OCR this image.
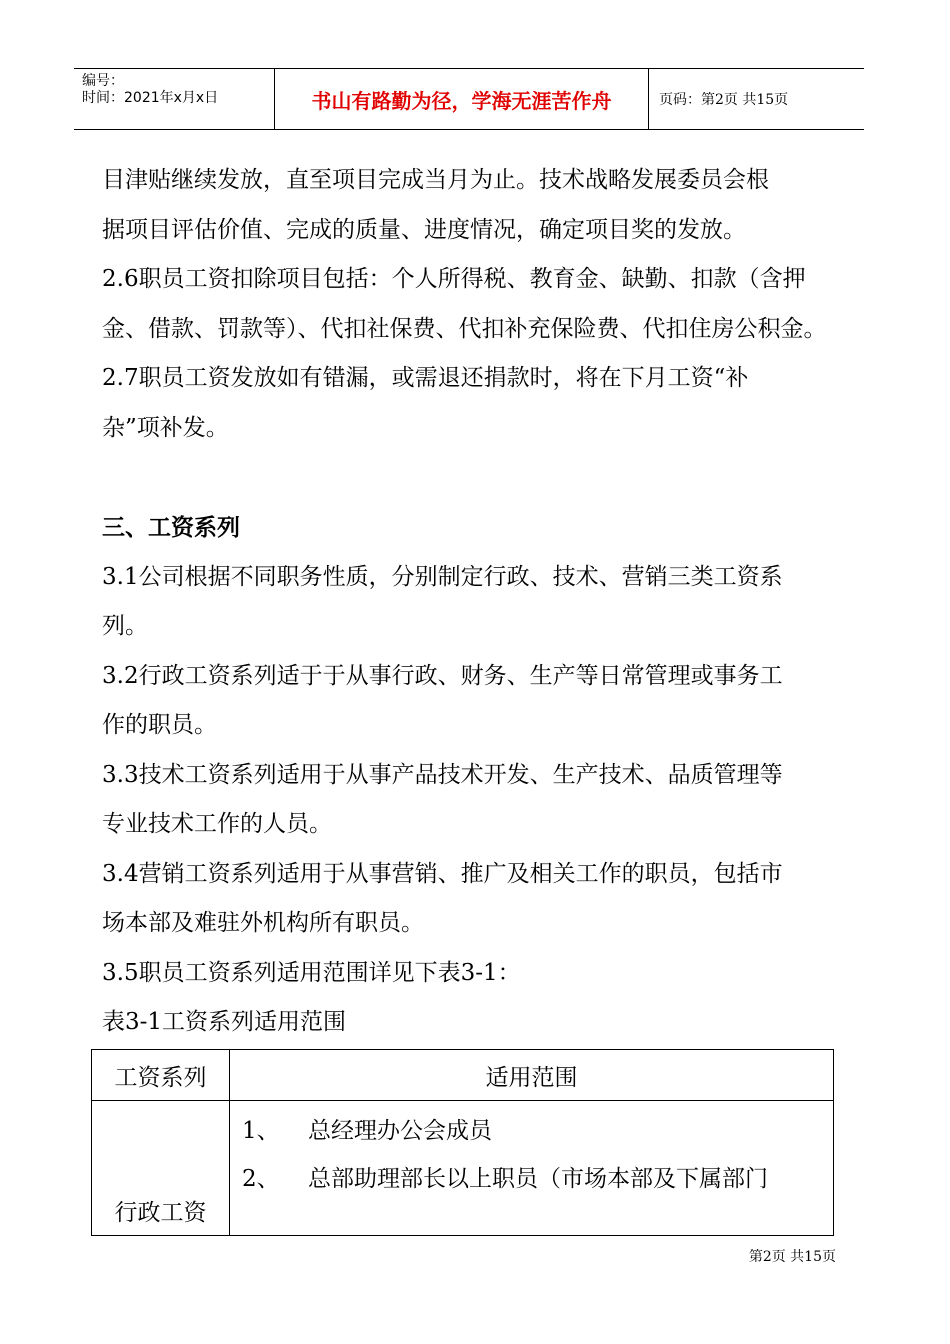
编号：
时间：2021年x月x日	书山有路勤为径，学海无涯苦作舟	页码：第2页 共15页

目津贴继续发放，直至项目完成当月为止。技术战略发展委员会根

据项目评估价值、完成的质量、进度情况，确定项目奖的发放。

2.6职员工资扣除项目包括：个人所得税、教育金、缺勤、扣款（含押

金、借款、罚款等）、代扣社保费、代扣补充保险费、代扣住房公积金。

2.7职员工资发放如有错漏，或需退还捐款时，将在下月工资“补

杂”项补发。

三、工资系列

3.1公司根据不同职务性质，分别制定行政、技术、营销三类工资系

列。

3.2行政工资系列适于于从事行政、财务、生产等日常管理或事务工

作的职员。

3.3技术工资系列适用于从事产品技术开发、生产技术、品质管理等

专业技术工作的人员。

3.4营销工资系列适用于从事营销、推广及相关工作的职员，包括市

场本部及难驻外机构所有职员。

3.5职员工资系列适用范围详见下表3-1：

表3-1工资系列适用范围

工资系列	适用范围
行政工资	1、 总经理办公会成员
2、 总部助理部长以上职员（市场本部及下属部门
第2页 共15页
